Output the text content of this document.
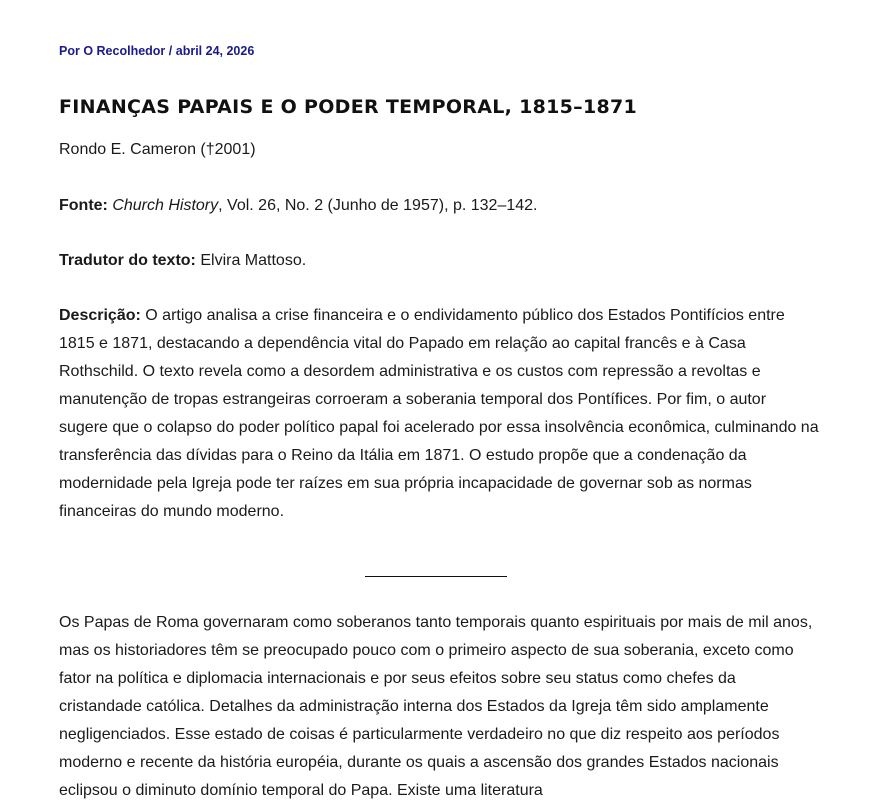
Por O Recolhedor / abril 24, 2026
FINANÇAS PAPAIS E O PODER TEMPORAL, 1815–1871

Rondo E. Cameron (†2001)

Fonte: Church History, Vol. 26, No. 2 (Junho de 1957), p. 132–142.

Tradutor do texto: Elvira Mattoso.

Descrição: O artigo analisa a crise financeira e o endividamento público dos Estados Pontifícios entre 1815 e 1871, destacando a dependência vital do Papado em relação ao capital francês e à Casa Rothschild. O texto revela como a desordem administrativa e os custos com repressão a revoltas e manutenção de tropas estrangeiras corroeram a soberania temporal dos Pontífices. Por fim, o autor sugere que o colapso do poder político papal foi acelerado por essa insolvência econômica, culminando na transferência das dívidas para o Reino da Itália em 1871. O estudo propõe que a condenação da modernidade pela Igreja pode ter raízes em sua própria incapacidade de governar sob as normas financeiras do mundo moderno.

Os Papas de Roma governaram como soberanos tanto temporais quanto espirituais por mais de mil anos, mas os historiadores têm se preocupado pouco com o primeiro aspecto de sua soberania, exceto como fator na política e diplomacia internacionais e por seus efeitos sobre seu status como chefes da cristandade católica. Detalhes da administração interna dos Estados da Igreja têm sido amplamente negligenciados. Esse estado de coisas é particularmente verdadeiro no que diz respeito aos períodos moderno e recente da história européia, durante os quais a ascensão dos grandes Estados nacionais eclipsou o diminuto domínio temporal do Papa. Existe uma literatura
